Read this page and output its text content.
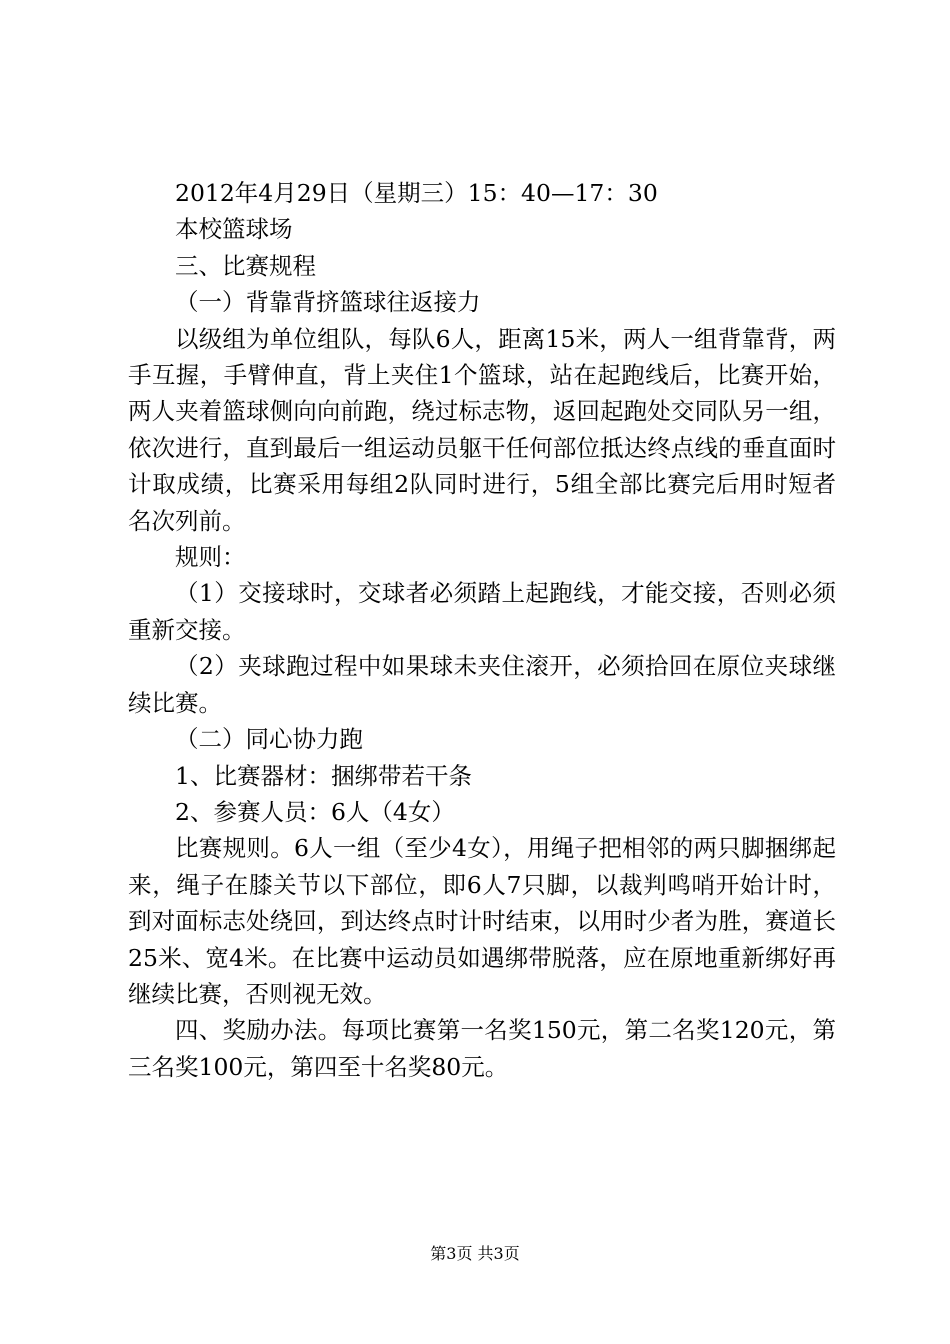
2012年4月29日（星期三）15：40—17：30

本校篮球场

三、比赛规程

（一）背靠背挤篮球往返接力

以级组为单位组队，每队6人，距离15米，两人一组背靠背，两手互握，手臂伸直，背上夹住1个篮球，站在起跑线后，比赛开始，两人夹着篮球侧向向前跑，绕过标志物，返回起跑处交同队另一组，依次进行，直到最后一组运动员躯干任何部位抵达终点线的垂直面时计取成绩，比赛采用每组2队同时进行，5组全部比赛完后用时短者名次列前。

规则：

（1）交接球时，交球者必须踏上起跑线，才能交接，否则必须重新交接。

（2）夹球跑过程中如果球未夹住滚开，必须拾回在原位夹球继续比赛。

（二）同心协力跑

1、比赛器材：捆绑带若干条

2、参赛人员：6人（4女）

比赛规则。6人一组（至少4女），用绳子把相邻的两只脚捆绑起来，绳子在膝关节以下部位，即6人7只脚，以裁判鸣哨开始计时，到对面标志处绕回，到达终点时计时结束，以用时少者为胜，赛道长25米、宽4米。在比赛中运动员如遇绑带脱落，应在原地重新绑好再继续比赛，否则视无效。

四、奖励办法。每项比赛第一名奖150元，第二名奖120元，第三名奖100元，第四至十名奖80元。

第3页 共3页
